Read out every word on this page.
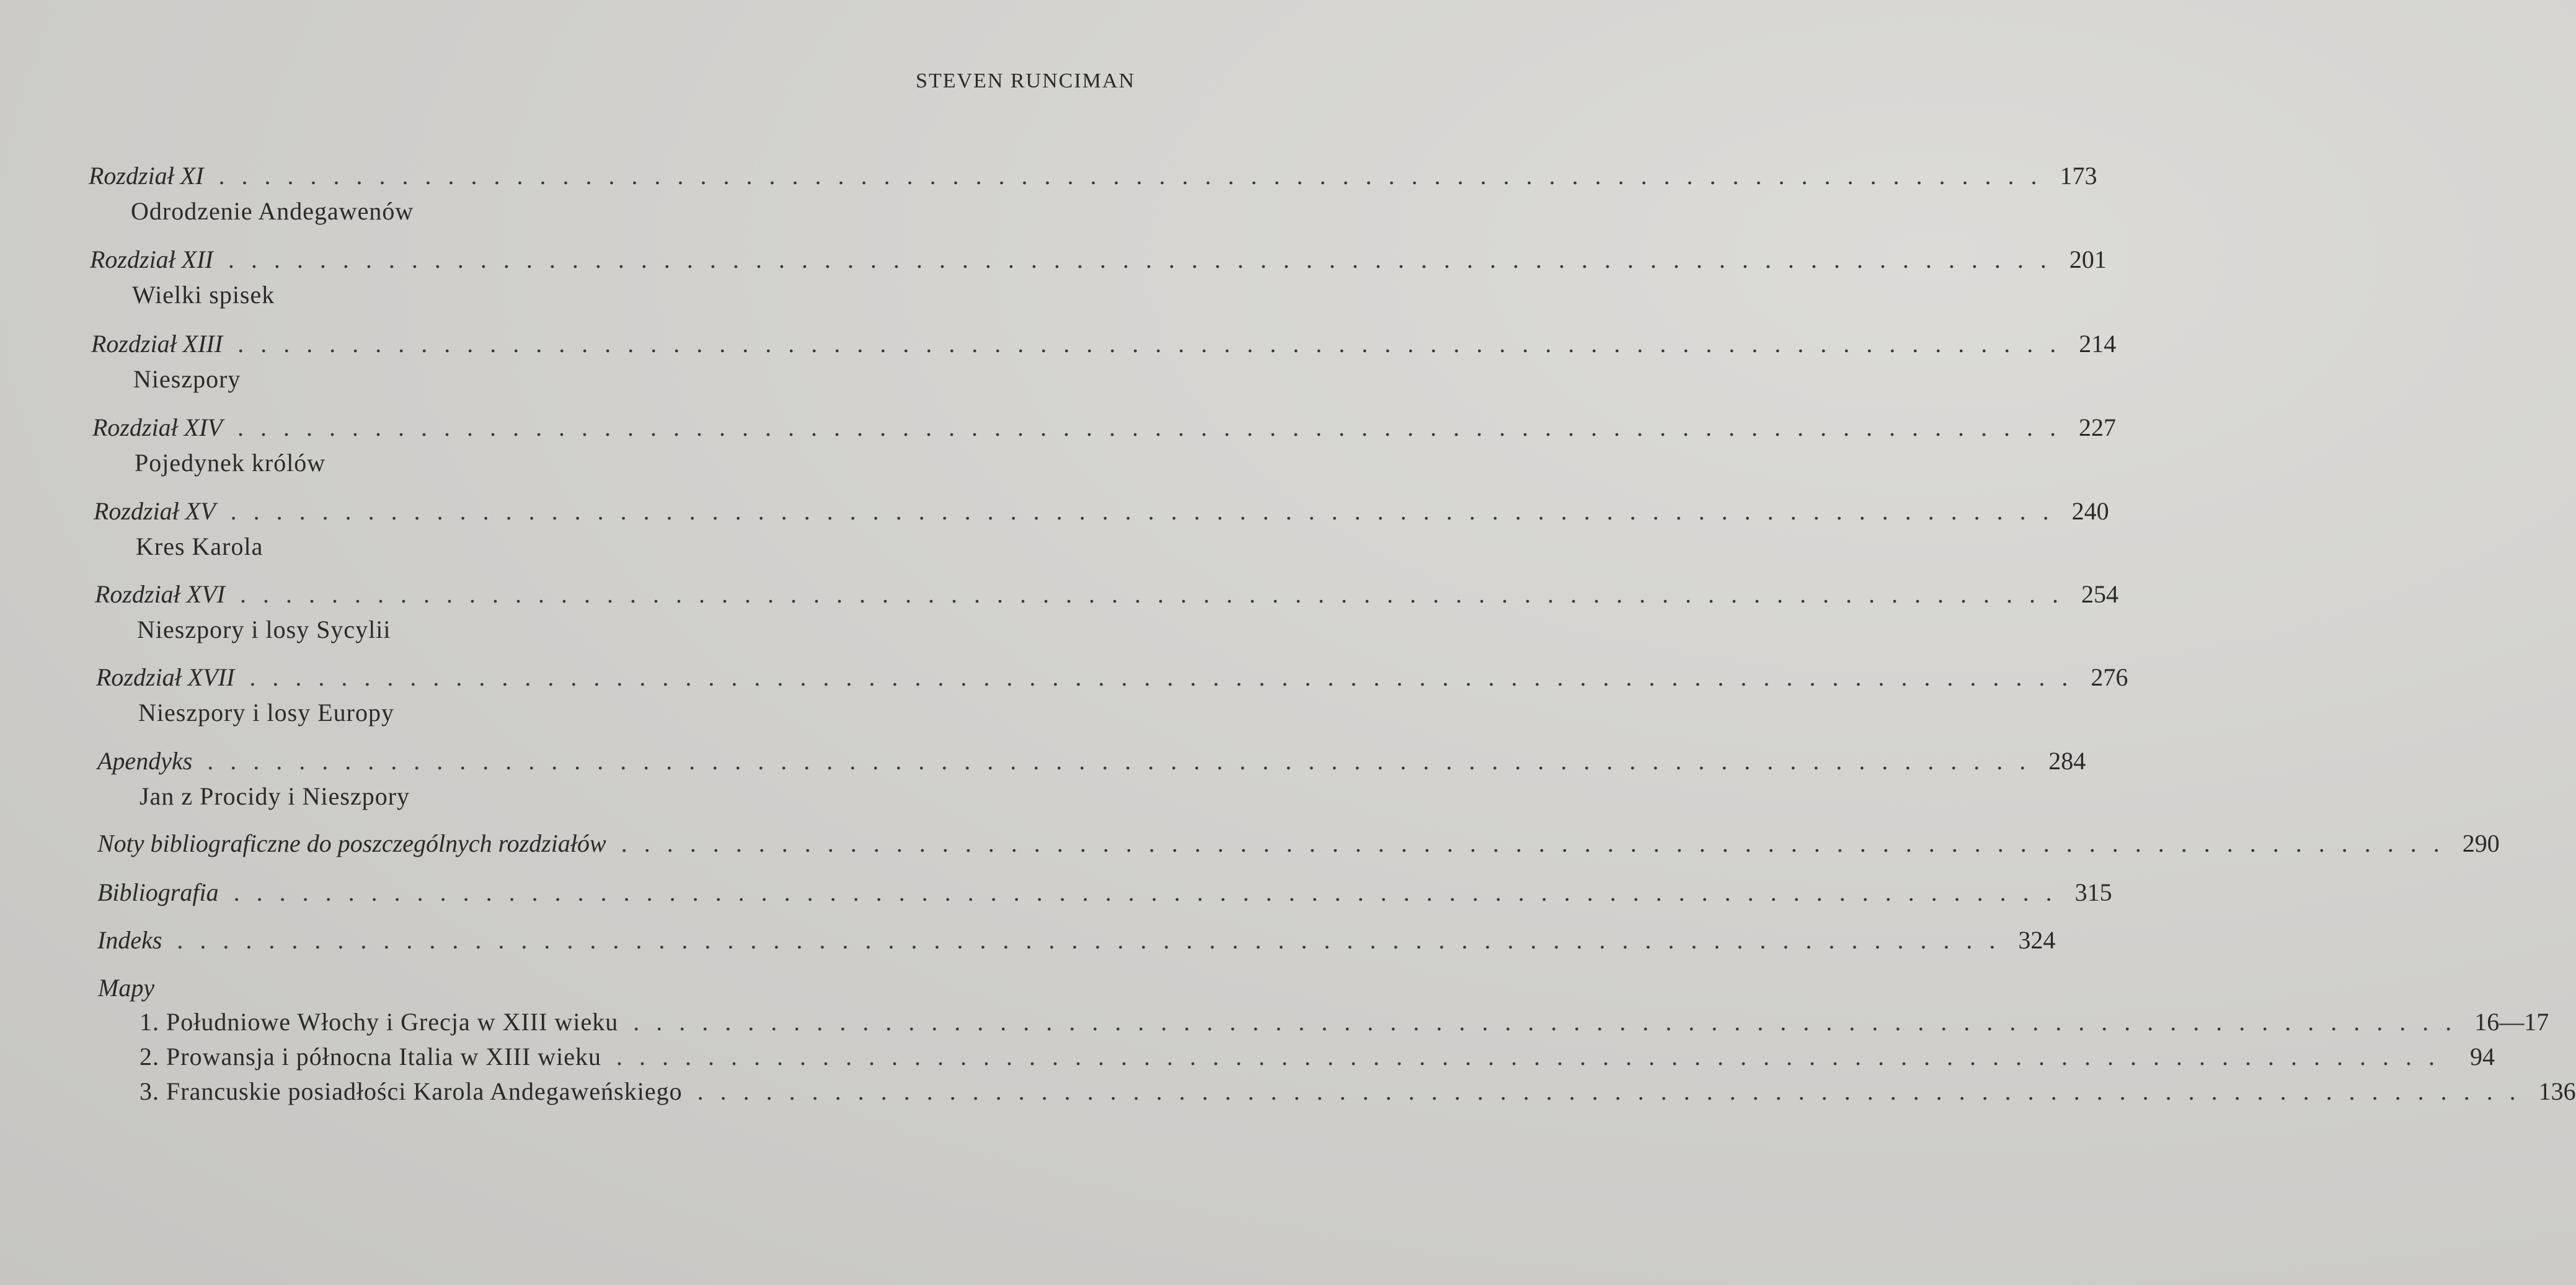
STEVEN RUNCIMAN
Rozdział XI ................................................................................ 173
Odrodzenie Andegawenów
Rozdział XII ................................................................................ 201
Wielki spisek
Rozdział XIII ................................................................................ 214
Nieszpory
Rozdział XIV ................................................................................ 227
Pojedynek królów
Rozdział XV ................................................................................ 240
Kres Karola
Rozdział XVI ................................................................................ 254
Nieszpory i losy Sycylii
Rozdział XVII ................................................................................ 276
Nieszpory i losy Europy
Apendyks ................................................................................ 284
Jan z Procidy i Nieszpory
Noty bibliograficzne do poszczególnych rozdziałów ................................................................................ 290
Bibliografia ................................................................................ 315
Indeks ................................................................................ 324
Mapy
1. Południowe Włochy i Grecja w XIII wieku ................................................................................ 16—17
2. Prowansja i północna Italia w XIII wieku ................................................................................ 94
3. Francuskie posiadłości Karola Andegaweńskiego ................................................................................ 136
